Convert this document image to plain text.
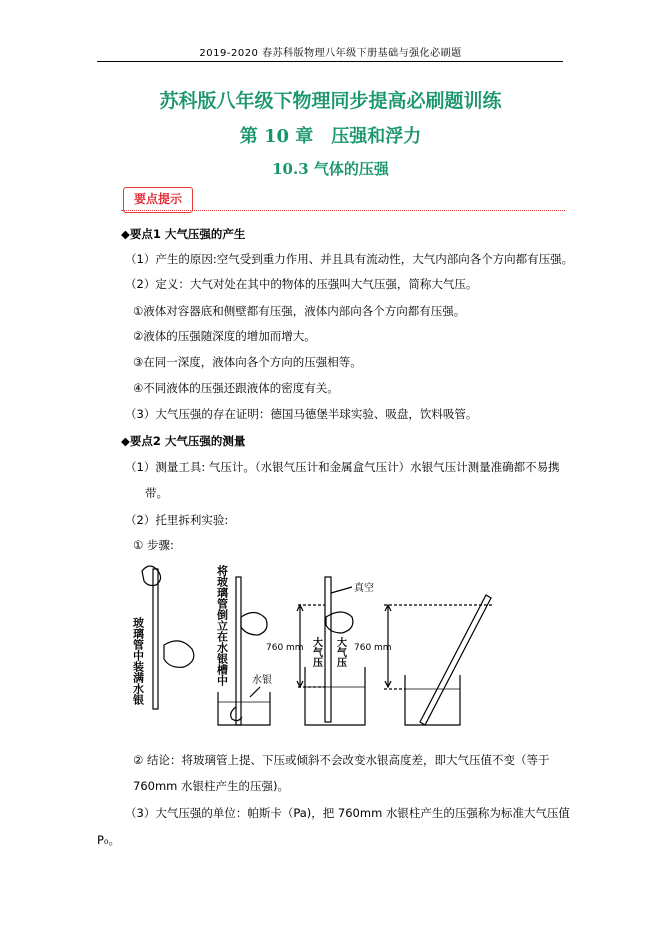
2019-2020 春苏科版物理八年级下册基础与强化必刷题
苏科版八年级下物理同步提高必刷题训练
第 10 章　压强和浮力
10.3 气体的压强
要点提示
◆要点1 大气压强的产生
（1）产生的原因:空气受到重力作用、并且具有流动性，大气内部向各个方向都有压强。
（2）定义：大气对处在其中的物体的压强叫大气压强，简称大气压。
①液体对容器底和侧壁都有压强，液体内部向各个方向都有压强。
②液体的压强随深度的增加而增大。
③在同一深度，液体向各个方向的压强相等。
④不同液体的压强还跟液体的密度有关。
（3）大气压强的存在证明：德国马德堡半球实验、吸盘，饮料吸管。
◆要点2 大气压强的测量
（1）测量工具: 气压计。（水银气压计和金属盒气压计）水银气压计测量准确都不易携
带。
（2）托里拆利实验:
① 步骤:
玻璃管中装满水银	将玻璃管倒立在水银槽中 水银
真空
760 mm 大气压 大气压 760 mm
② 结论：将玻璃管上提、下压或倾斜不会改变水银高度差，即大气压值不变（等于
760mm 水银柱产生的压强)。
（3）大气压强的单位：帕斯卡（Pa)，把 760mm 水银柱产生的压强称为标准大气压值
P₀。
